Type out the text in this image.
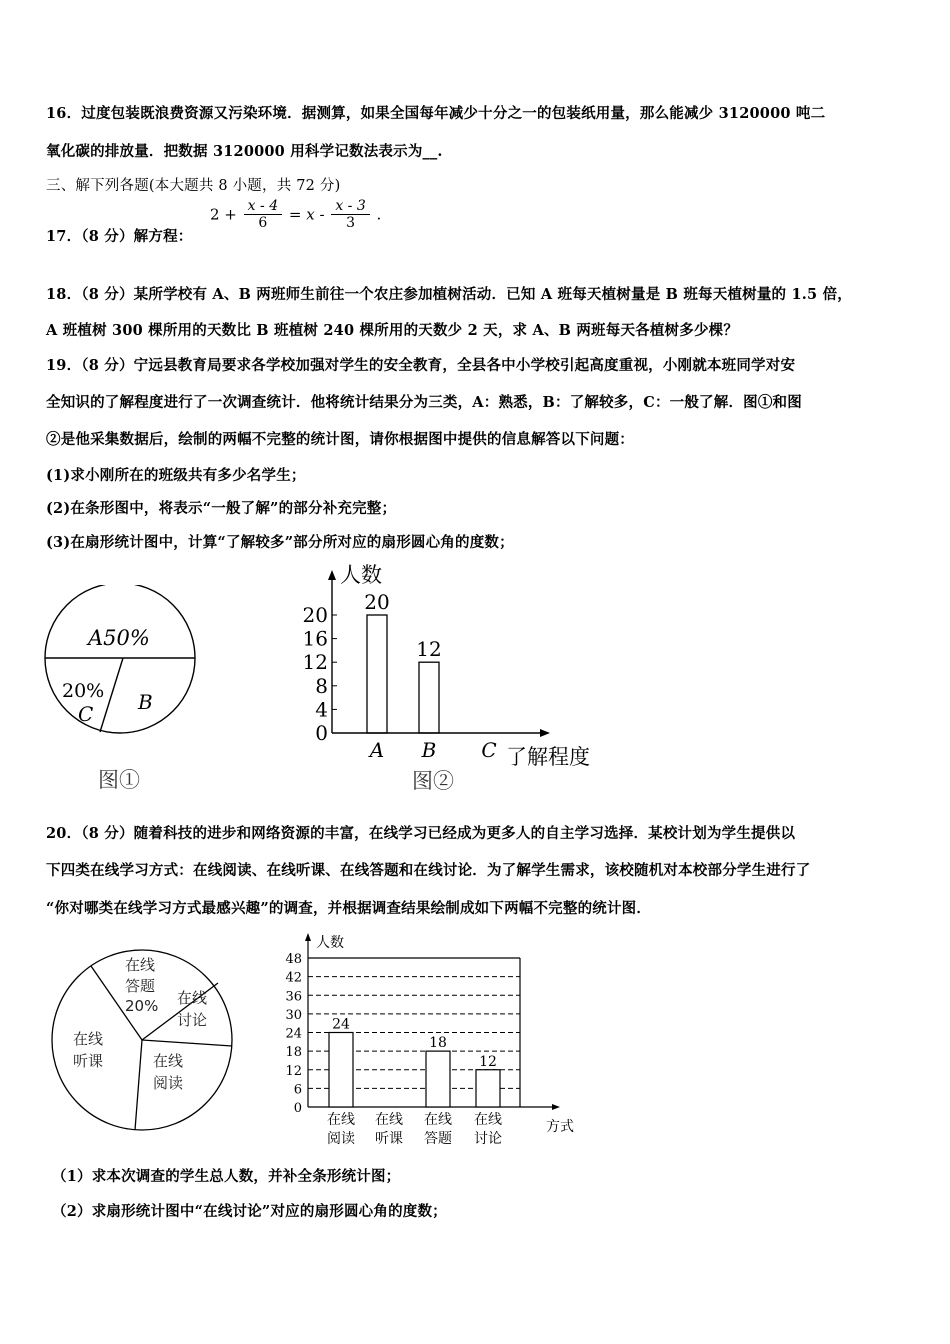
16．过度包装既浪费资源又污染环境．据测算，如果全国每年减少十分之一的包装纸用量，那么能减少 3120000 吨二
氧化碳的排放量．把数据 3120000 用科学记数法表示为__.
三、解下列各题(本大题共 8 小题，共 72 分)
17．（8 分）解方程：
$2 + \frac{x - 4}{6} = x - \frac{x - 3}{3}$ .
18．（8 分）某所学校有 A、B 两班师生前往一个农庄参加植树活动．已知 A 班每天植树量是 B 班每天植树量的 1.5 倍，
A 班植树 300 棵所用的天数比 B 班植树 240 棵所用的天数少 2 天，求 A、B 两班每天各植树多少棵？
19．（8 分）宁远县教育局要求各学校加强对学生的安全教育，全县各中小学校引起高度重视，小刚就本班同学对安
全知识的了解程度进行了一次调查统计．他将统计结果分为三类，A：熟悉，B：了解较多，C：一般了解．图①和图
②是他采集数据后，绘制的两幅不完整的统计图，请你根据图中提供的信息解答以下问题：
(1)求小刚所在的班级共有多少名学生；
(2)在条形图中，将表示“一般了解”的部分补充完整；
(3)在扇形统计图中，计算“了解较多”部分所对应的扇形圆心角的度数；
A50%
20%
C B
图①
0
4
8
12
16
20
A
20
B
12
C
人数
了解程度
图②
20．（8 分）随着科技的进步和网络资源的丰富，在线学习已经成为更多人的自主学习选择．某校计划为学生提供以
下四类在线学习方式：在线阅读、在线听课、在线答题和在线讨论．为了解学生需求，该校随机对本校部分学生进行了
“你对哪类在线学习方式最感兴趣”的调查，并根据调查结果绘制成如下两幅不完整的统计图．
在线
答题
20% 在线
讨论
在线
听课	在线
阅读
0
6
12
18
24
30
36
42
48
在线
阅读
24
在线
听课
在线
答题
18
在线
讨论
12
人数
方式
（1）求本次调查的学生总人数，并补全条形统计图；
（2）求扇形统计图中“在线讨论”对应的扇形圆心角的度数；
